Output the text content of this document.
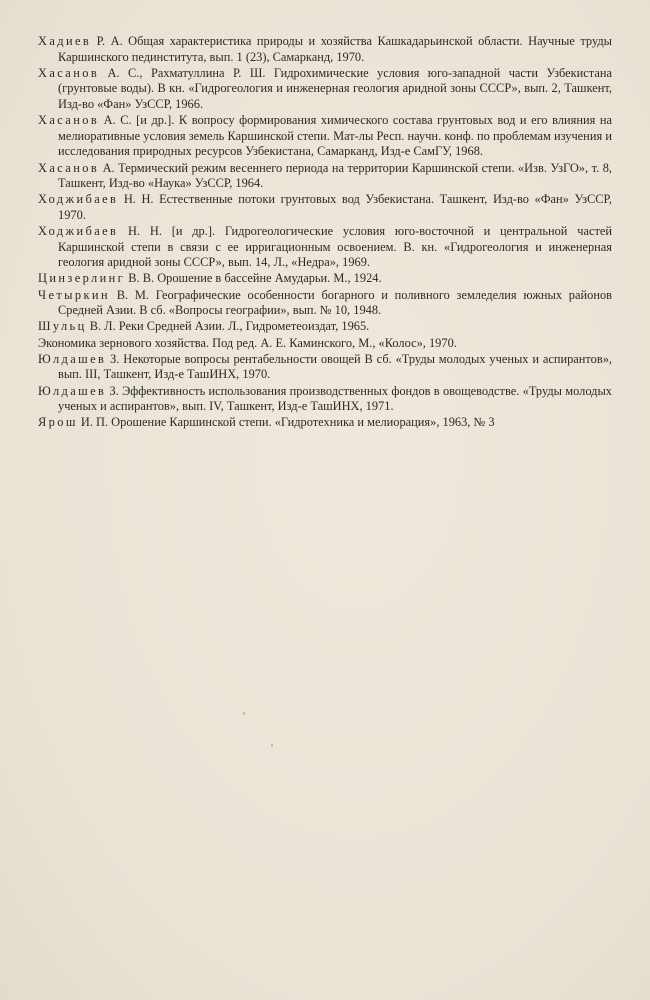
Хадиев Р. А. Общая характеристика природы и хозяйства Кашкадарьинской области. Научные труды Каршинского пединститута, вып. 1 (23), Самарканд, 1970.

Хасанов А. С., Рахматуллина Р. Ш. Гидрохимические условия юго-западной части Узбекистана (грунтовые воды). В кн. «Гидрогеология и инженерная геология аридной зоны СССР», вып. 2, Ташкент, Изд-во «Фан» УзССР, 1966.

Хасанов А. С. [и др.]. К вопросу формирования химического состава грунтовых вод и его влияния на мелиоративные условия земель Каршинской степи. Мат-лы Респ. научн. конф. по проблемам изучения и исследования природных ресурсов Узбекистана, Самарканд, Изд-е СамГУ, 1968.

Хасанов А. Термический режим весеннего периода на территории Каршинской степи. «Изв. УзГО», т. 8, Ташкент, Изд-во «Наука» УзССР, 1964.

Ходжибаев Н. Н. Естественные потоки грунтовых вод Узбекистана. Ташкент, Изд-во «Фан» УзССР, 1970.

Ходжибаев Н. Н. [и др.]. Гидрогеологические условия юго-восточной и центральной частей Каршинской степи в связи с ее ирригационным освоением. В. кн. «Гидрогеология и инженерная геология аридной зоны СССР», вып. 14, Л., «Недра», 1969.

Цинзерлинг В. В. Орошение в бассейне Амударьи. М., 1924.

Четыркин В. М. Географические особенности богарного и поливного земледелия южных районов Средней Азии. В сб. «Вопросы географии», вып. № 10, 1948.

Шульц В. Л. Реки Средней Азии. Л., Гидрометеоиздат, 1965.

Экономика зернового хозяйства. Под ред. А. Е. Каминского, М., «Колос», 1970.

Юлдашев З. Некоторые вопросы рентабельности овощей В сб. «Труды молодых ученых и аспирантов», вып. III, Ташкент, Изд-е ТашИНХ, 1970.

Юлдашев З. Эффективность использования производственных фондов в овощеводстве. «Труды молодых ученых и аспирантов», вып. IV, Ташкент, Изд-е ТашИНХ, 1971.

Ярош И. П. Орошение Каршинской степи. «Гидротехника и мелиорация», 1963, № 3
